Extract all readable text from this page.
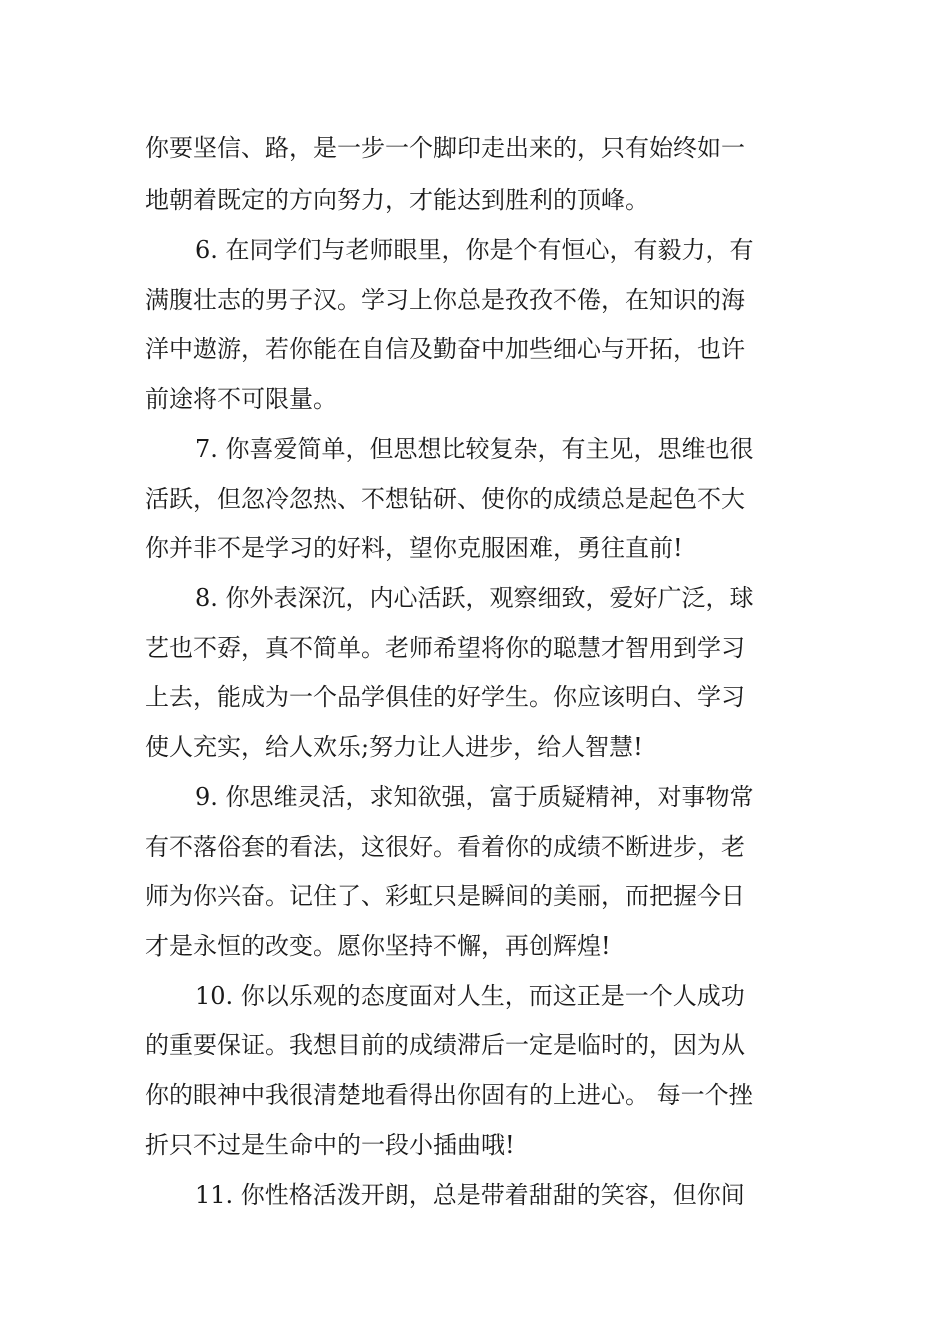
你要坚信、路，是一步一个脚印走出来的，只有始终如一
地朝着既定的方向努力，才能达到胜利的顶峰。
6. 在同学们与老师眼里，你是个有恒心，有毅力，有
满腹壮志的男子汉。学习上你总是孜孜不倦，在知识的海
洋中遨游，若你能在自信及勤奋中加些细心与开拓，也许
前途将不可限量。
7. 你喜爱简单，但思想比较复杂，有主见，思维也很
活跃，但忽冷忽热、不想钻研、使你的成绩总是起色不大
你并非不是学习的好料，望你克服困难，勇往直前!
8. 你外表深沉，内心活跃，观察细致，爱好广泛，球
艺也不孬，真不简单。老师希望将你的聪慧才智用到学习
上去，能成为一个品学俱佳的好学生。你应该明白、学习
使人充实，给人欢乐;努力让人进步，给人智慧!
9. 你思维灵活，求知欲强，富于质疑精神，对事物常
有不落俗套的看法，这很好。看着你的成绩不断进步，老
师为你兴奋。记住了、彩虹只是瞬间的美丽，而把握今日
才是永恒的改变。愿你坚持不懈，再创辉煌!
10. 你以乐观的态度面对人生，而这正是一个人成功
的重要保证。我想目前的成绩滞后一定是临时的，因为从
你的眼神中我很清楚地看得出你固有的上进心。 每一个挫
折只不过是生命中的一段小插曲哦!
11. 你性格活泼开朗，总是带着甜甜的笑容，但你间
